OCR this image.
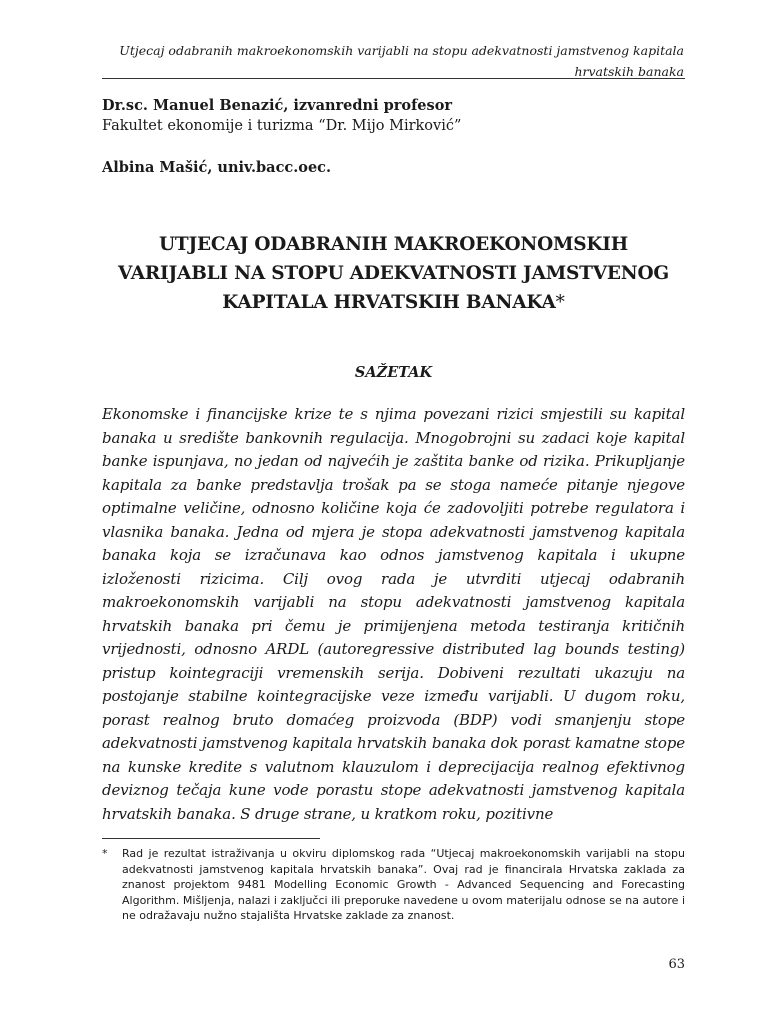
Utjecaj odabranih makroekonomskih varijabli na stopu adekvatnosti jamstvenog kapitala hrvatskih banaka
Dr.sc. Manuel Benazić, izvanredni profesor
Fakultet ekonomije i turizma “Dr. Mijo Mirković”
Albina Mašić, univ.bacc.oec.
UTJECAJ ODABRANIH MAKROEKONOMSKIH VARIJABLI NA STOPU ADEKVATNOSTI JAMSTVENOG KAPITALA HRVATSKIH BANAKA*
SAŽETAK
Ekonomske i financijske krize te s njima povezani rizici smjestili su kapital banaka u središte bankovnih regulacija. Mnogobrojni su zadaci koje kapital banke ispunjava, no jedan od najvećih je zaštita banke od rizika. Prikupljanje kapitala za banke predstavlja trošak pa se stoga nameće pitanje njegove optimalne veličine, odnosno količine koja će zadovoljiti potrebe regulatora i vlasnika banaka. Jedna od mjera je stopa adekvatnosti jamstvenog kapitala banaka koja se izračunava kao odnos jamstvenog kapitala i ukupne izloženosti rizicima. Cilj ovog rada je utvrditi utjecaj odabranih makroekonomskih varijabli na stopu adekvatnosti jamstvenog kapitala hrvatskih banaka pri čemu je primijenjena metoda testiranja kritičnih vrijednosti, odnosno ARDL (autoregressive distributed lag bounds testing) pristup kointegraciji vremenskih serija. Dobiveni rezultati ukazuju na postojanje stabilne kointegracijske veze između varijabli. U dugom roku, porast realnog bruto domaćeg proizvoda (BDP) vodi smanjenju stope adekvatnosti jamstvenog kapitala hrvatskih banaka dok porast kamatne stope na kunske kredite s valutnom klauzulom i deprecijacija realnog efektivnog deviznog tečaja kune vode porastu stope adekvatnosti jamstvenog kapitala hrvatskih banaka. S druge strane, u kratkom roku, pozitivne
* Rad je rezultat istraživanja u okviru diplomskog rada “Utjecaj makroekonomskih varijabli na stopu adekvatnosti jamstvenog kapitala hrvatskih banaka”. Ovaj rad je financirala Hrvatska zaklada za znanost projektom 9481 Modelling Economic Growth - Advanced Sequencing and Forecasting Algorithm. Mišljenja, nalazi i zaključci ili preporuke navedene u ovom materijalu odnose se na autore i ne odražavaju nužno stajališta Hrvatske zaklade za znanost.
63
